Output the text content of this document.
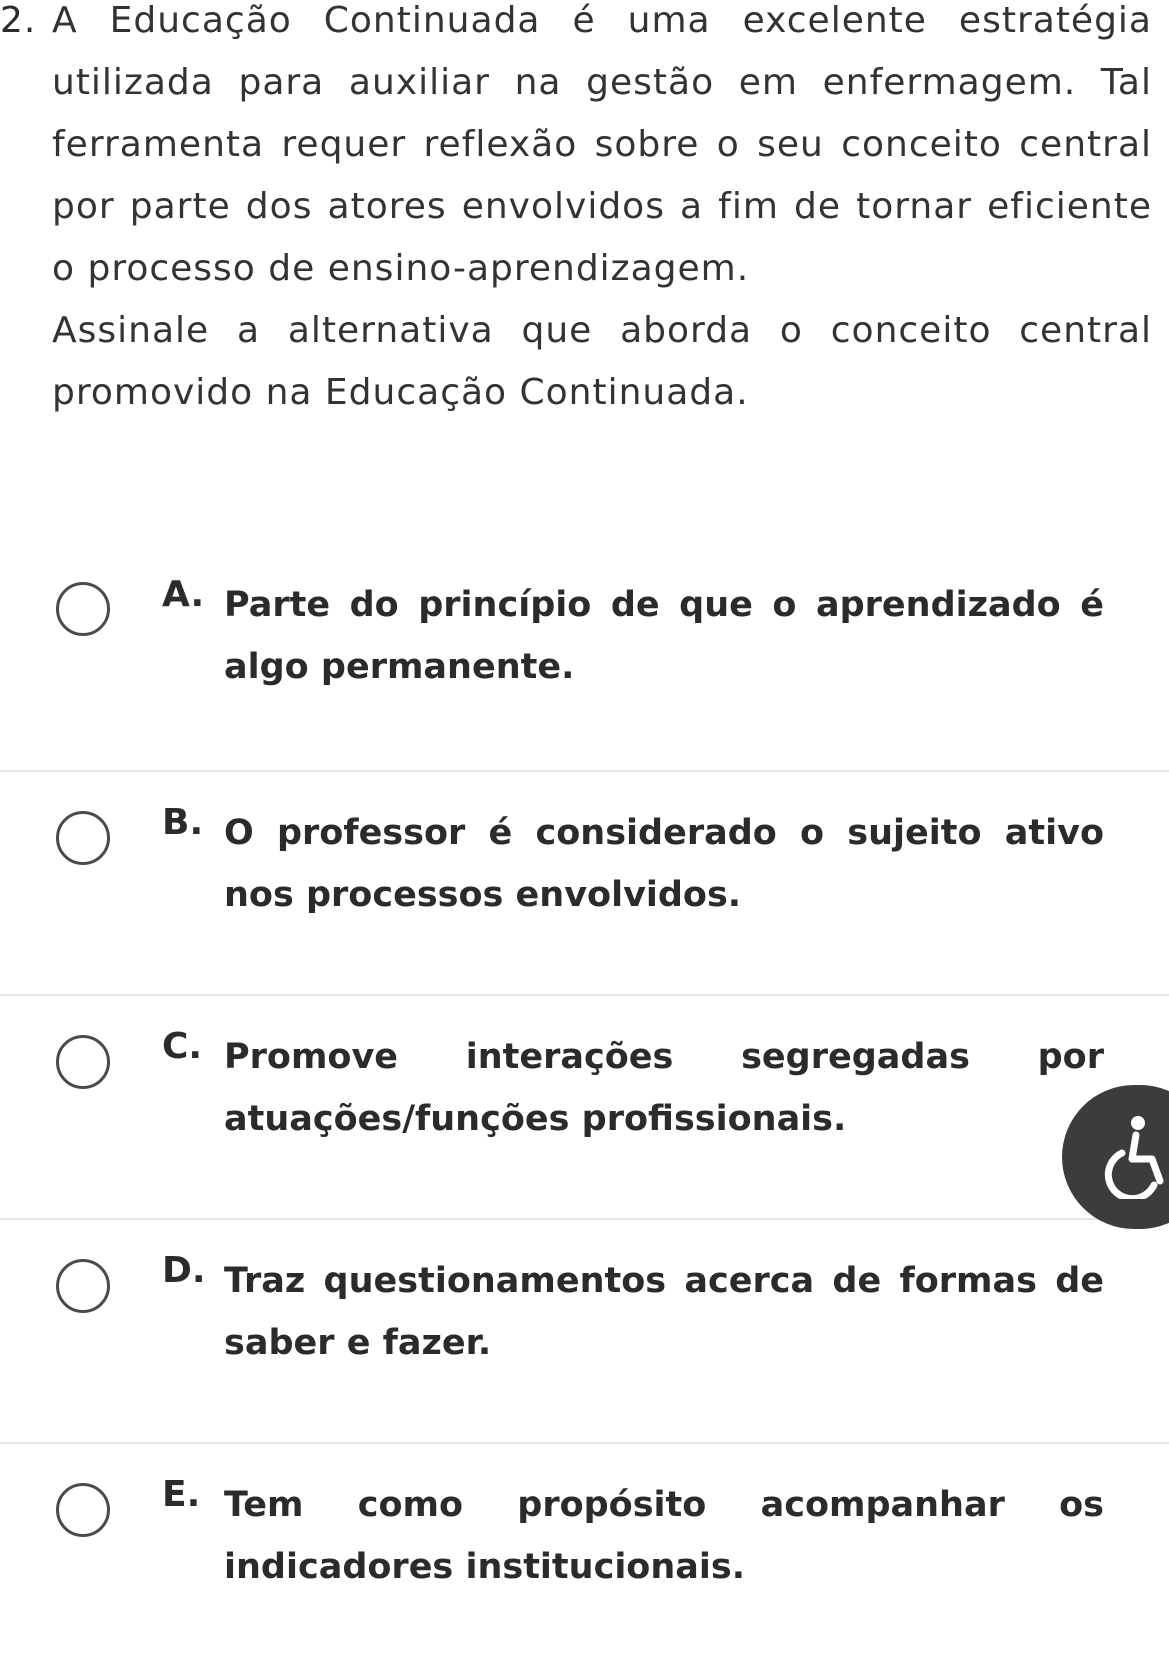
2. A Educação Continuada é uma excelente estratégia utilizada para auxiliar na gestão em enfermagem. Tal ferramenta requer reflexão sobre o seu conceito central por parte dos atores envolvidos a fim de tornar eficiente o processo de ensino-aprendizagem.

Assinale a alternativa que aborda o conceito central promovido na Educação Continuada.

A. Parte do princípio de que o aprendizado é algo permanente.
B. O professor é considerado o sujeito ativo nos processos envolvidos.
C. Promove interações segregadas por atuações/funções profissionais.
D. Traz questionamentos acerca de formas de saber e fazer.
E. Tem como propósito acompanhar os indicadores institucionais.
